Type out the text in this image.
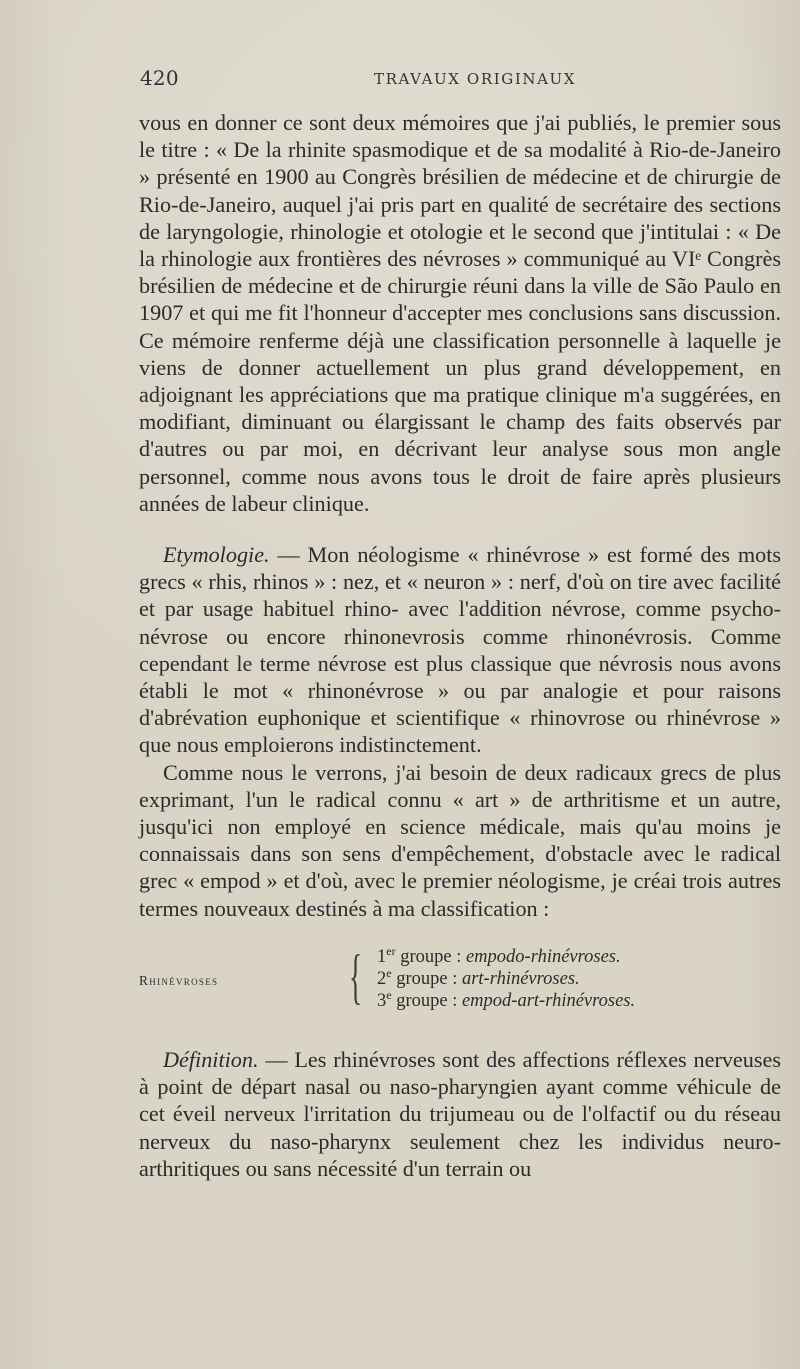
420	TRAVAUX ORIGINAUX

vous en donner ce sont deux mémoires que j'ai publiés, le premier sous le titre : « De la rhinite spasmodique et de sa modalité à Rio-de-Janeiro » présenté en 1900 au Congrès brésilien de médecine et de chirurgie de Rio-de-Janeiro, auquel j'ai pris part en qualité de secrétaire des sections de laryngologie, rhinologie et otologie et le second que j'intitulai : « De la rhinologie aux frontières des névroses » communiqué au VIᵉ Congrès brésilien de médecine et de chirurgie réuni dans la ville de São Paulo en 1907 et qui me fit l'honneur d'accepter mes conclusions sans discussion. Ce mémoire renferme déjà une classification personnelle à laquelle je viens de donner actuellement un plus grand développement, en adjoignant les appréciations que ma pratique clinique m'a suggérées, en modifiant, diminuant ou élargissant le champ des faits observés par d'autres ou par moi, en décrivant leur analyse sous mon angle personnel, comme nous avons tous le droit de faire après plusieurs années de labeur clinique.

Etymologie. — Mon néologisme « rhinévrose » est formé des mots grecs « rhis, rhinos » : nez, et « neuron » : nerf, d'où on tire avec facilité et par usage habituel rhino- avec l'addition névrose, comme psycho-névrose ou encore rhinonevrosis comme rhinonévrosis. Comme cependant le terme névrose est plus classique que névrosis nous avons établi le mot « rhinonévrose » ou par analogie et pour raisons d'abrévation euphonique et scientifique « rhinovrose ou rhinévrose » que nous emploierons indistinctement.

Comme nous le verrons, j'ai besoin de deux radicaux grecs de plus exprimant, l'un le radical connu « art » de arthritisme et un autre, jusqu'ici non employé en science médicale, mais qu'au moins je connaissais dans son sens d'empêchement, d'obstacle avec le radical grec « empod » et d'où, avec le premier néologisme, je créai trois autres termes nouveaux destinés à ma classification :

Rhinévroses { 1er groupe : empodo-rhinévroses.
2e groupe : art-rhinévroses.
3e groupe : empod-art-rhinévroses.

Définition. — Les rhinévroses sont des affections réflexes nerveuses à point de départ nasal ou naso-pharyngien ayant comme véhicule de cet éveil nerveux l'irritation du trijumeau ou de l'olfactif ou du réseau nerveux du naso-pharynx seulement chez les individus neuro-arthritiques ou sans nécessité d'un terrain ou
